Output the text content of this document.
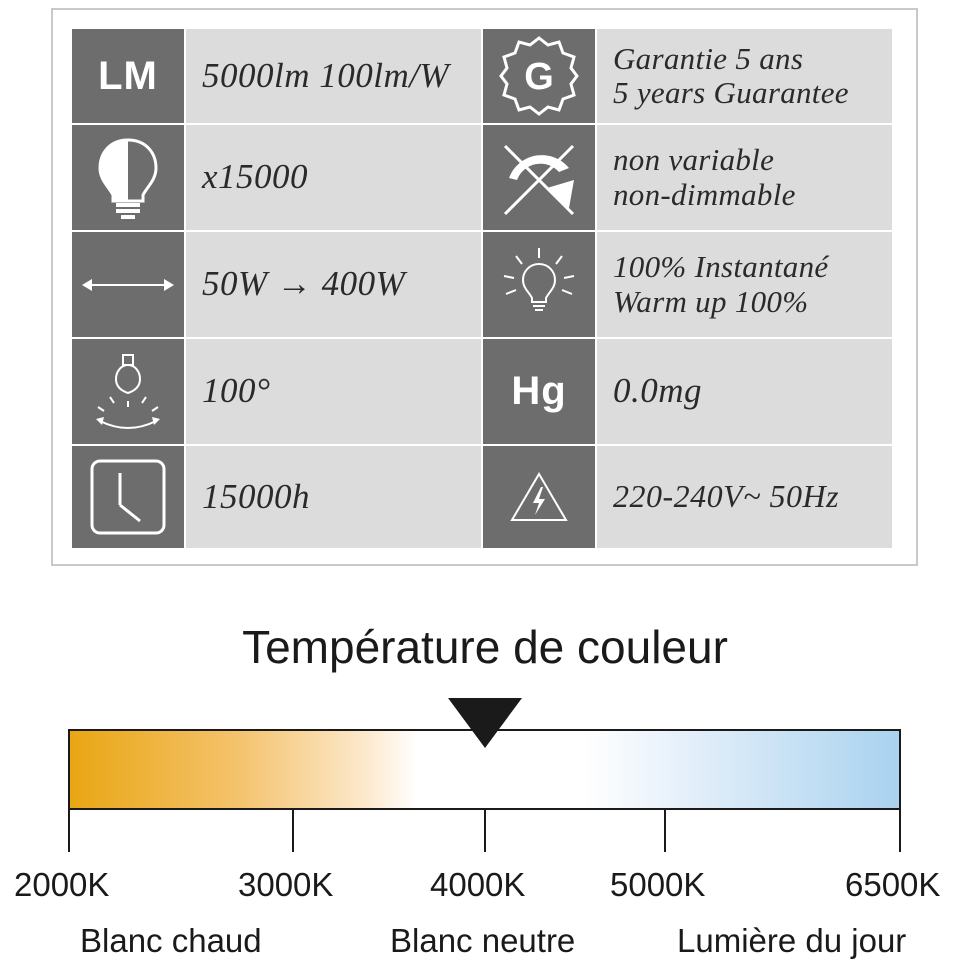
LM 5000lm 100lm/W	G Garantie 5 ans
5 years Guarantee
x15000	non variable
non-dimmable
50W → 400W	100% Instantané
Warm up 100%
100°	Hg 0.0mg
15000h	220-240V~ 50Hz
Température de couleur
2000K	3000K	4000K	5000K	6500K
Blanc chaud	Blanc neutre	Lumière du jour
